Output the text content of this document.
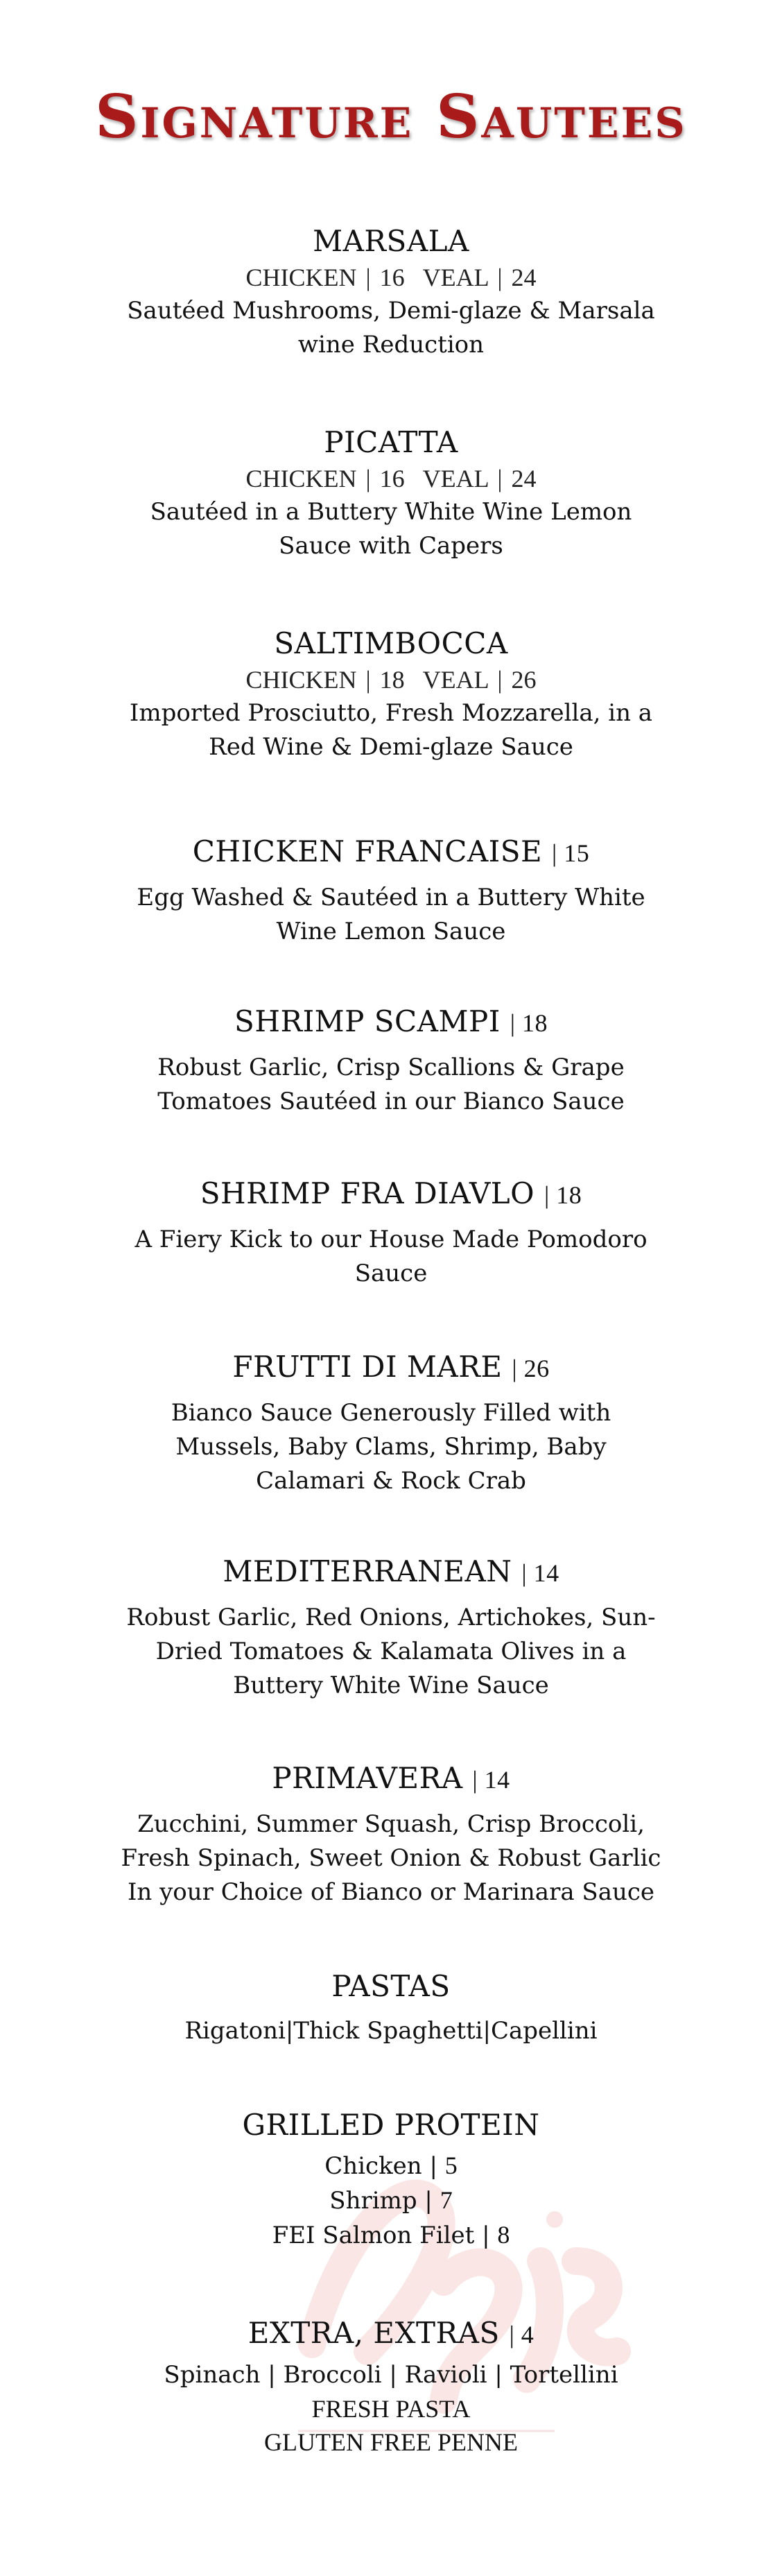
Signature Sautees
MARSALA
CHICKEN | 16 VEAL | 24
Sautéed Mushrooms, Demi-glaze & Marsala
wine Reduction
PICATTA
CHICKEN | 16 VEAL | 24
Sautéed in a Buttery White Wine Lemon
Sauce with Capers
SALTIMBOCCA
CHICKEN | 18 VEAL | 26
Imported Prosciutto, Fresh Mozzarella, in a
Red Wine & Demi-glaze Sauce
CHICKEN FRANCAISE | 15
Egg Washed & Sautéed in a Buttery White
Wine Lemon Sauce
SHRIMP SCAMPI | 18
Robust Garlic, Crisp Scallions & Grape
Tomatoes Sautéed in our Bianco Sauce
SHRIMP FRA DIAVLO | 18
A Fiery Kick to our House Made Pomodoro
Sauce
FRUTTI DI MARE | 26
Bianco Sauce Generously Filled with
Mussels, Baby Clams, Shrimp, Baby
Calamari & Rock Crab
MEDITERRANEAN | 14
Robust Garlic, Red Onions, Artichokes, Sun-
Dried Tomatoes & Kalamata Olives in a
Buttery White Wine Sauce
PRIMAVERA | 14
Zucchini, Summer Squash, Crisp Broccoli,
Fresh Spinach, Sweet Onion & Robust Garlic
In your Choice of Bianco or Marinara Sauce
PASTAS
Rigatoni|Thick Spaghetti|Capellini
GRILLED PROTEIN
Chicken | 5
Shrimp | 7
FEI Salmon Filet | 8
EXTRA, EXTRAS | 4
Spinach | Broccoli | Ravioli | Tortellini
FRESH PASTA
GLUTEN FREE PENNE
